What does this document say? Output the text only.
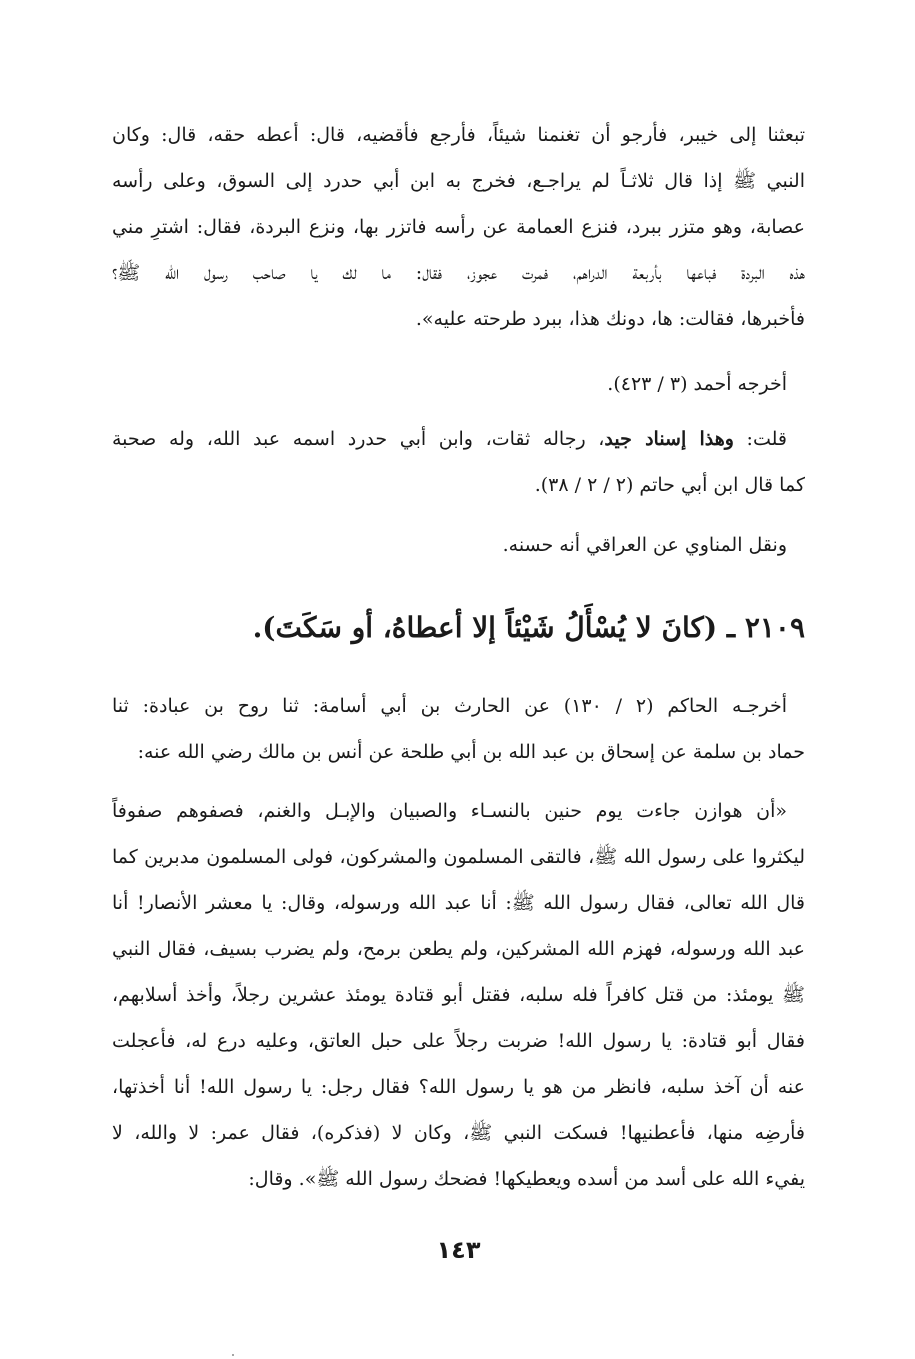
تبعثنا إلى خيبر، فأرجو أن تغنمنا شيئاً، فأرجع فأقضيه، قال: أعطه حقه، قال: وكان
النبي ﷺ إذا قال ثلاثـاً لم يراجـع، فخرج به ابن أبي حدرد إلى السوق، وعلى رأسه
عصابة، وهو متزر ببرد، فنزع العمامة عن رأسه فاتزر بها، ونزع البردة، فقال: اشترِ مني
هذه البردة فباعها بأربعة الدراهم، فمرت عجوز، فقال: ما لك يا صاحب رسول الله ﷺ؟
فأخبرها، فقالت: ها، دونك هذا، ببرد طرحته عليه».
أخرجه أحمد (٣ / ٤٢٣).
قلت: وهذا إسناد جيد، رجاله ثقات، وابن أبي حدرد اسمه عبد الله، وله صحبة
كما قال ابن أبي حاتم (٢ / ٢ / ٣٨).
ونقل المناوي عن العراقي أنه حسنه.
٢١٠٩ ـ (كانَ لا يُسْأَلُ شَيْئاً إلا أعطاهُ، أو سَكَتَ).
أخرجـه الحاكم (٢ / ١٣٠) عن الحارث بن أبي أسامة: ثنا روح بن عبادة: ثنا
حماد بن سلمة عن إسحاق بن عبد الله بن أبي طلحة عن أنس بن مالك رضي الله عنه:
«أن هوازن جاءت يوم حنين بالنسـاء والصبيان والإبـل والغنم، فصفوهم صفوفاً
ليكثروا على رسول الله ﷺ، فالتقى المسلمون والمشركون، فولى المسلمون مدبرين كما
قال الله تعالى، فقال رسول الله ﷺ: أنا عبد الله ورسوله، وقال: يا معشر الأنصار! أنا
عبد الله ورسوله، فهزم الله المشركين، ولم يطعن برمح، ولم يضرب بسيف، فقال النبي
ﷺ يومئذ: من قتل كافراً فله سلبه، فقتل أبو قتادة يومئذ عشرين رجلاً، وأخذ أسلابهم،
فقال أبو قتادة: يا رسول الله! ضربت رجلاً على حبل العاتق، وعليه درع له، فأعجلت
عنه أن آخذ سلبه، فانظر من هو يا رسول الله؟ فقال رجل: يا رسول الله! أنا أخذتها،
فأرضِه منها، فأعطنيها! فسكت النبي ﷺ، وكان لا (فذكره)، فقال عمر: لا والله، لا
يفيء الله على أسد من أسده ويعطيكها! فضحك رسول الله ﷺ». وقال:
١٤٣
